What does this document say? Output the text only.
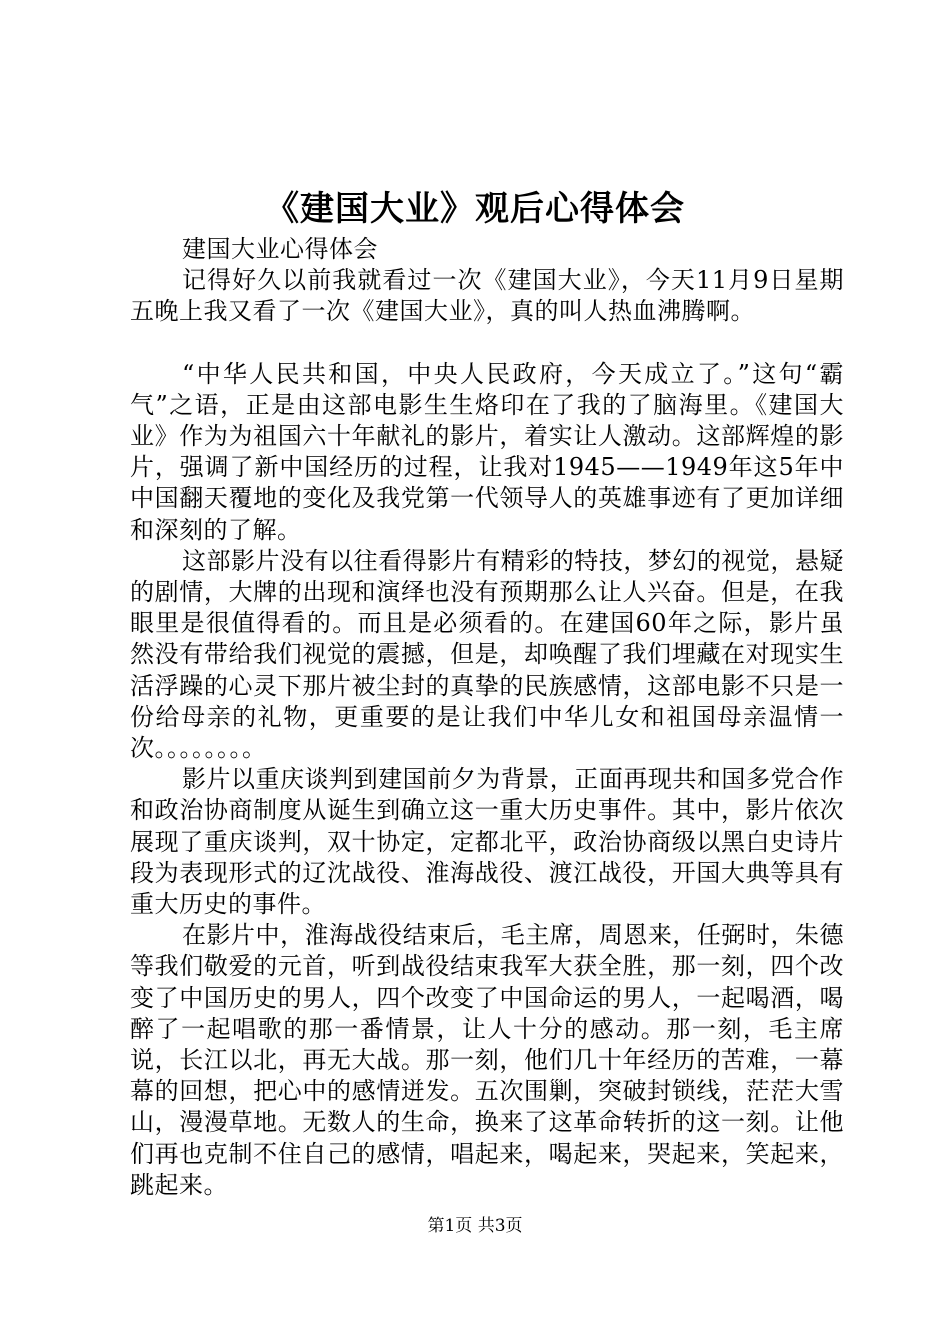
《建国大业》观后心得体会

建国大业心得体会

记得好久以前我就看过一次《建国大业》，今天11月9日星期五晚上我又看了一次《建国大业》，真的叫人热血沸腾啊。

“中华人民共和国，中央人民政府，今天成立了。”这句“霸气”之语，正是由这部电影生生烙印在了我的了脑海里。《建国大业》作为为祖国六十年献礼的影片，着实让人激动。这部辉煌的影片，强调了新中国经历的过程，让我对1945——1949年这5年中中国翻天覆地的变化及我党第一代领导人的英雄事迹有了更加详细和深刻的了解。

这部影片没有以往看得影片有精彩的特技，梦幻的视觉，悬疑的剧情，大牌的出现和演绎也没有预期那么让人兴奋。但是，在我眼里是很值得看的。而且是必须看的。在建国60年之际，影片虽然没有带给我们视觉的震撼，但是，却唤醒了我们埋藏在对现实生活浮躁的心灵下那片被尘封的真挚的民族感情，这部电影不只是一份给母亲的礼物，更重要的是让我们中华儿女和祖国母亲温情一次。。。。。。。。

影片以重庆谈判到建国前夕为背景，正面再现共和国多党合作和政治协商制度从诞生到确立这一重大历史事件。其中，影片依次展现了重庆谈判，双十协定，定都北平，政治协商级以黑白史诗片段为表现形式的辽沈战役、淮海战役、渡江战役，开国大典等具有重大历史的事件。

在影片中，淮海战役结束后，毛主席，周恩来，任弼时，朱德等我们敬爱的元首，听到战役结束我军大获全胜，那一刻，四个改变了中国历史的男人，四个改变了中国命运的男人，一起喝酒，喝醉了一起唱歌的那一番情景，让人十分的感动。那一刻，毛主席说，长江以北，再无大战。那一刻，他们几十年经历的苦难，一幕幕的回想，把心中的感情迸发。五次围剿，突破封锁线，茫茫大雪山，漫漫草地。无数人的生命，换来了这革命转折的这一刻。让他们再也克制不住自己的感情，唱起来，喝起来，哭起来，笑起来，跳起来。

第1页 共3页
